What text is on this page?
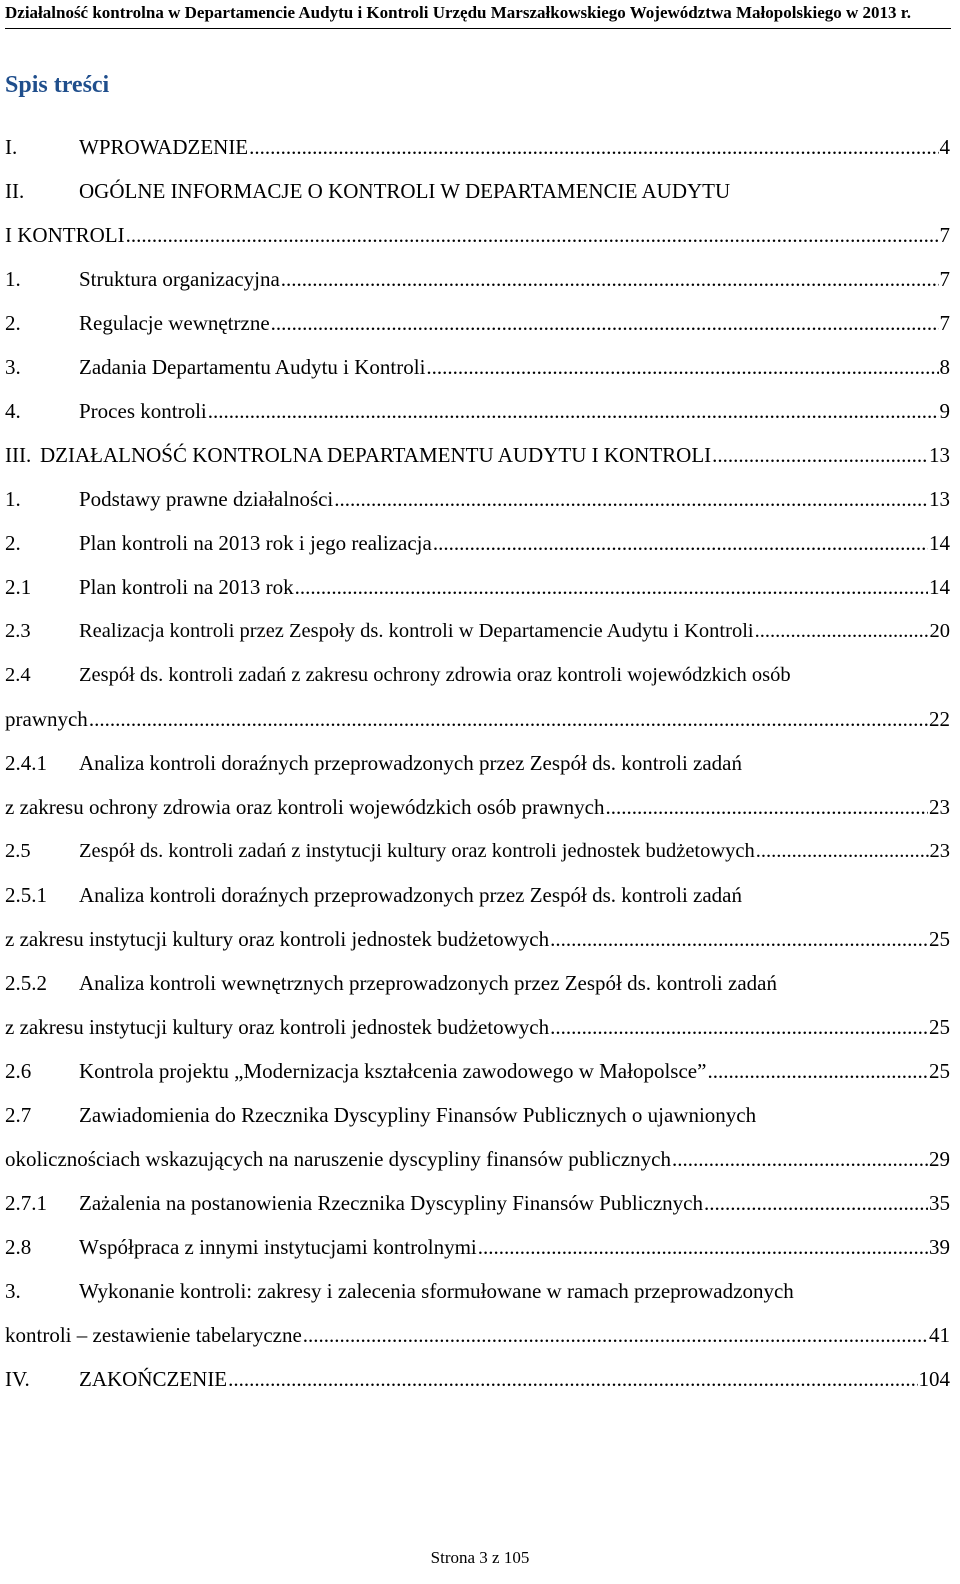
Działalność kontrolna w Departamencie Audytu i Kontroli Urzędu Marszałkowskiego Województwa Małopolskiego w 2013 r.
Spis treści
I.	WPROWADZENIE .....	4
II.	OGÓLNE INFORMACJE O KONTROLI W DEPARTAMENCIE AUDYTU
I KONTROLI .....	7
1.	Struktura organizacyjna .....	7
2.	Regulacje wewnętrzne .....	7
3.	Zadania Departamentu Audytu i Kontroli .....	8
4.	Proces kontroli .....	9
III. DZIAŁALNOŚĆ KONTROLNA DEPARTAMENTU AUDYTU I KONTROLI .....	13
1.	Podstawy prawne działalności .....	13
2.	Plan kontroli na 2013 rok i jego realizacja .....	14
2.1 Plan kontroli na 2013 rok .....	14
2.3 Realizacja kontroli przez Zespoły ds. kontroli w Departamencie Audytu i Kontroli .....	20
2.4 Zespół ds. kontroli zadań z zakresu ochrony zdrowia oraz kontroli wojewódzkich osób
prawnych .....	22
2.4.1 Analiza kontroli doraźnych przeprowadzonych przez Zespół ds. kontroli zadań
z zakresu ochrony zdrowia oraz kontroli wojewódzkich osób prawnych .....	23
2.5 Zespół ds. kontroli zadań z instytucji kultury oraz kontroli jednostek budżetowych .....	23
2.5.1 Analiza kontroli doraźnych przeprowadzonych przez Zespół ds. kontroli zadań
z zakresu instytucji kultury oraz kontroli jednostek budżetowych .....	25
2.5.2 Analiza kontroli wewnętrznych przeprowadzonych przez Zespół ds. kontroli zadań
z zakresu instytucji kultury oraz kontroli jednostek budżetowych .....	25
2.6 Kontrola projektu „Modernizacja kształcenia zawodowego w Małopolsce” .....	25
2.7 Zawiadomienia do Rzecznika Dyscypliny Finansów Publicznych o ujawnionych
okolicznościach wskazujących na naruszenie dyscypliny finansów publicznych .....	29
2.7.1 Zażalenia na postanowienia Rzecznika Dyscypliny Finansów Publicznych .....	35
2.8 Współpraca z innymi instytucjami kontrolnymi .....	39
3.	Wykonanie kontroli: zakresy i zalecenia sformułowane w ramach przeprowadzonych
kontroli – zestawienie tabelaryczne .....	41
IV. ZAKOŃCZENIE .....	104
Strona 3 z 105
